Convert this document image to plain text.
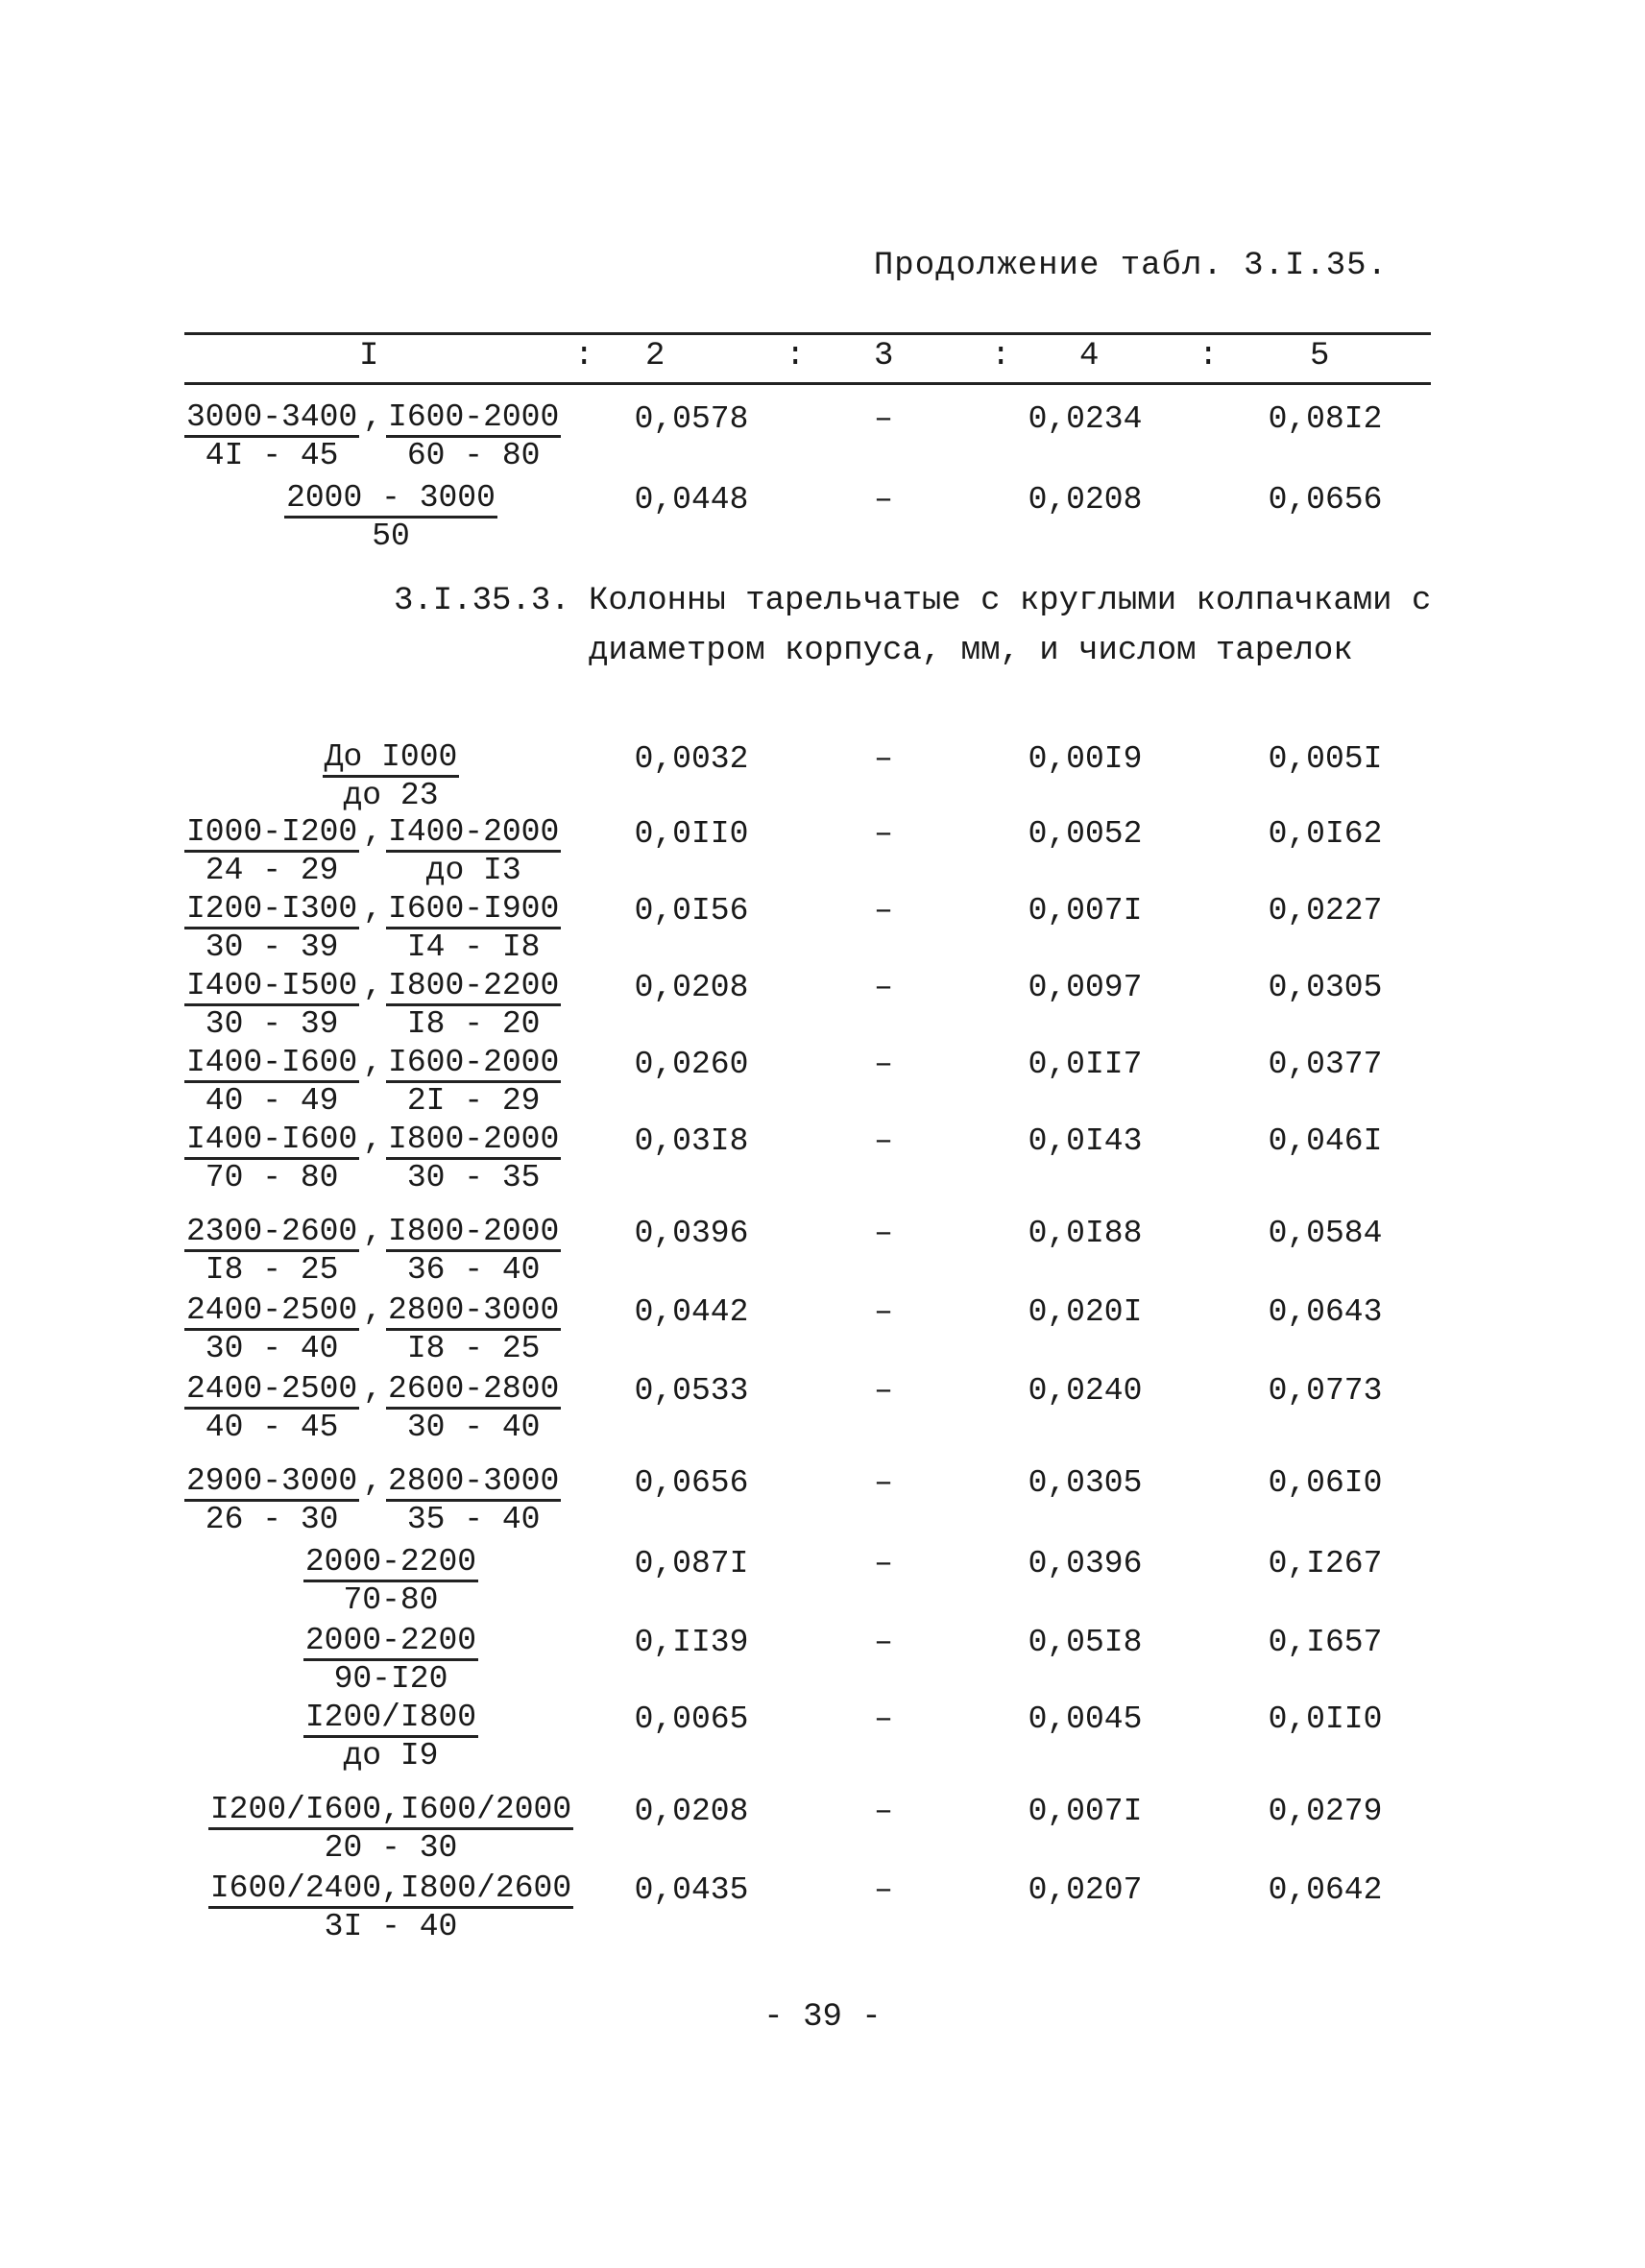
Продолжение табл. 3.I.35.
I	: 2	: 3	: 4	:	5
$\frac{3000-3400}{4I - 45}$ , $\frac{I600-2000}{60 - 80}$	0,0578	–	0,0234	0,08I2
$\frac{2000 - 3000}{50}$	0,0448	–	0,0208	0,0656
3.I.35.3. Колонны тарельчатые с круглыми колпачками с диаметром корпуса, мм, и числом тарелок
$\frac{\text{До I000}}{до 23}$	0,0032	–	0,00I9	0,005I
$\frac{I000-I200}{24 - 29}$ , $\frac{I400-2000}{\text{до I3}}$	0,0II0	–	0,0052	0,0I62
$\frac{I200-I300}{30 - 39}$ , $\frac{I600-I900}{I4 - I8}$	0,0I56	–	0,007I	0,0227
$\frac{I400-I500}{30 - 39}$ , $\frac{I800-2200}{I8 - 20}$	0,0208	–	0,0097	0,0305
$\frac{I400-I600}{40 - 49}$ , $\frac{I600-2000}{2I - 29}$	0,0260	–	0,0II7	0,0377
$\frac{I400-I600}{70 - 80}$ , $\frac{I800-2000}{30 - 35}$	0,03I8	–	0,0I43	0,046I
$\frac{2300-2600}{I8 - 25}$ , $\frac{I800-2000}{36 - 40}$	0,0396	–	0,0I88	0,0584
$\frac{2400-2500}{30 - 40}$ , $\frac{2800-3000}{I8 - 25}$	0,0442	–	0,020I	0,0643
$\frac{2400-2500}{40 - 45}$ , $\frac{2600-2800}{30 - 40}$	0,0533	–	0,0240	0,0773
$\frac{2900-3000}{26 - 30}$ , $\frac{2800-3000}{35 - 40}$	0,0656	–	0,0305	0,06I0
$\frac{2000-2200}{70-80}$	0,087I	–	0,0396	0,I267
$\frac{2000-2200}{90-I20}$	0,II39	–	0,05I8	0,I657
$\frac{I200/I800}{\text{до I9}}$	0,0065	–	0,0045	0,0II0
$\frac{I200/I600,I600/2000}{20 - 30}$	0,0208	–	0,007I	0,0279
$\frac{I600/2400,I800/2600}{3I - 40}$	0,0435	–	0,0207	0,0642
- 39 -
